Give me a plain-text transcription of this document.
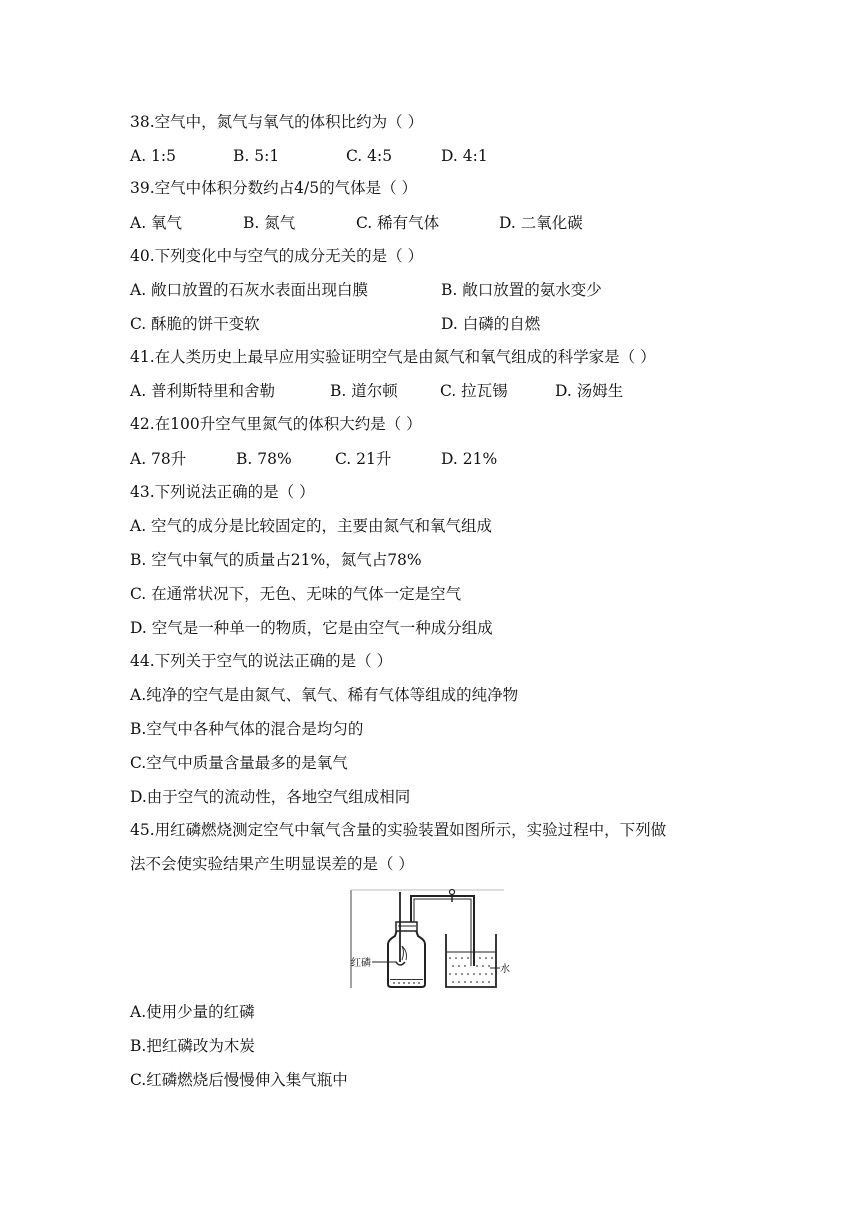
38.空气中，氮气与氧气的体积比约为（ ）
A. 1:5	B. 5:1	C. 4:5	D. 4:1
39.空气中体积分数约占4/5的气体是（ ）
A. 氧气	B. 氮气	C. 稀有气体	D. 二氧化碳
40.下列变化中与空气的成分无关的是（ ）
A. 敞口放置的石灰水表面出现白膜	B. 敞口放置的氨水变少
C. 酥脆的饼干变软	D. 白磷的自燃
41.在人类历史上最早应用实验证明空气是由氮气和氧气组成的科学家是（ ）
A. 普利斯特里和舍勒	B. 道尔顿	C. 拉瓦锡	D. 汤姆生
42.在100升空气里氮气的体积大约是（ ）
A. 78升	B. 78%	C. 21升	D. 21%
43.下列说法正确的是（ ）
A. 空气的成分是比较固定的，主要由氮气和氧气组成
B. 空气中氧气的质量占21%，氮气占78%
C. 在通常状况下，无色、无味的气体一定是空气
D. 空气是一种单一的物质，它是由空气一种成分组成
44.下列关于空气的说法正确的是（ ）
A.纯净的空气是由氮气、氧气、稀有气体等组成的纯净物
B.空气中各种气体的混合是均匀的
C.空气中质量含量最多的是氧气
D.由于空气的流动性，各地空气组成相同
45.用红磷燃烧测定空气中氧气含量的实验装置如图所示，实验过程中，下列做
法不会使实验结果产生明显误差的是（ ）
红磷
水
A.使用少量的红磷
B.把红磷改为木炭
C.红磷燃烧后慢慢伸入集气瓶中
